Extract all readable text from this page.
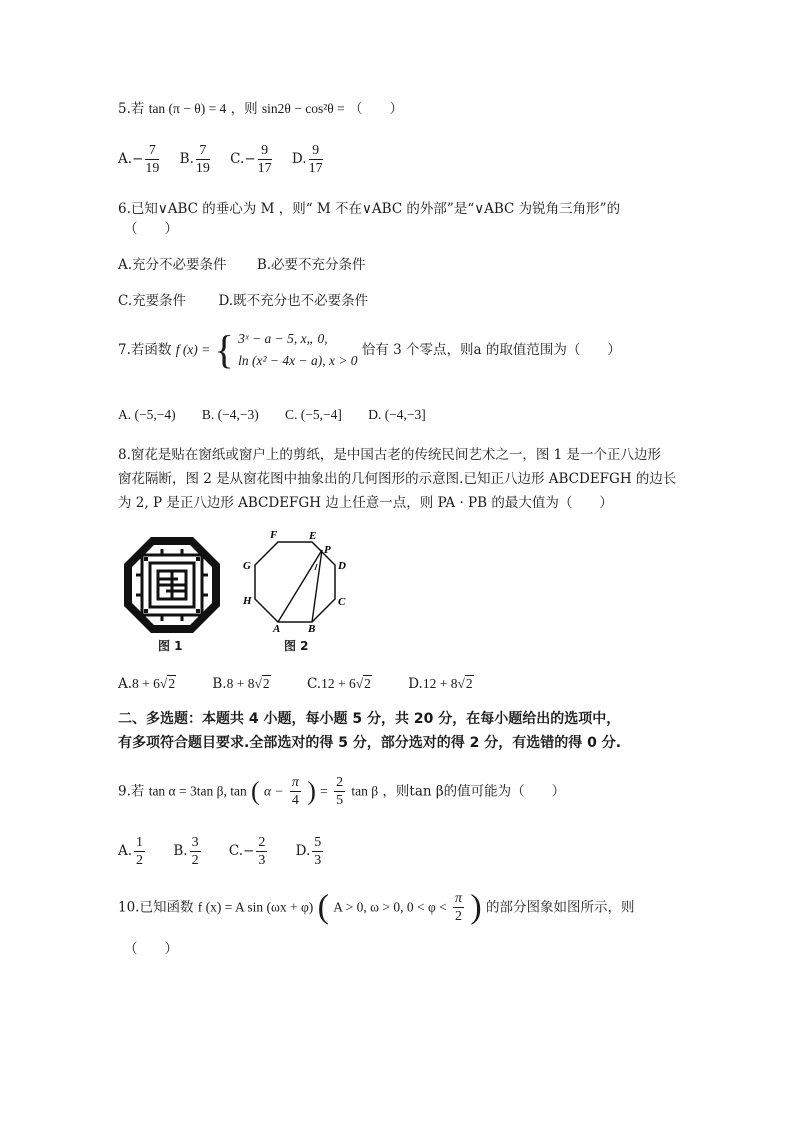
5.若 tan (π − θ) = 4 ，则 sin2θ − cos²θ = （　　）
$A.- \frac{7}{19} B$. $\frac{7}{19} C.- \frac{9}{17} D$. $\frac{9}{17}$
6.已知∨ABC 的垂心为 M ，则“ M 不在∨ABC 的外部”是“∨ABC 为锐角三角形”的
（　　）
A.充分不必要条件 B.必要不充分条件
C.充要条件 D.既不充分也不必要条件
7.若函数 f (x) = { 3ˣ − a − 5, x„ 0,
ln (x² − 4x − a), x > 0
恰有 3 个零点，则a 的取值范围为（　　）
A. (−5,−4) B. (−4,−3) C. (−5,−4] D. (−4,−3]
8.窗花是贴在窗纸或窗户上的剪纸，是中国古老的传统民间艺术之一，图 1 是一个正八边形
窗花隔断，图 2 是从窗花图中抽象出的几何图形的示意图.已知正八边形 ABCDEFGH 的边长
为 2, P 是正八边形 ABCDEFGH 边上任意一点，则 PA · PB 的最大值为（　　）
图 1
F	E
P
D
C
B
A
H
G
图 2
A.8 + 6√2	B.8 + 8√2	C.12 + 6√2	D.12 + 8√2
二、多选题：本题共 4 小题，每小题 5 分，共 20 分，在每小题给出的选项中，
有多项符合题目要求.全部选对的得 5 分，部分选对的得 2 分，有选错的得 0 分.
9.若 tan α = 3tan β, tan ( $\alpha - \frac{\pi}{4}$ ) = $\frac{2}{5}$ tan β ，则tan β的值可能为（　　）
A. $\frac{1}{2} B$. $\frac{3}{2} C.- \frac{2}{3} D$. $\frac{5}{3}$
10.已知函数 f (x) = A sin (ωx + φ) ( A > 0, ω > 0, $0 < \varphi < \frac{\pi}{2}$ ) 的部分图象如图所示，则
（　　）
